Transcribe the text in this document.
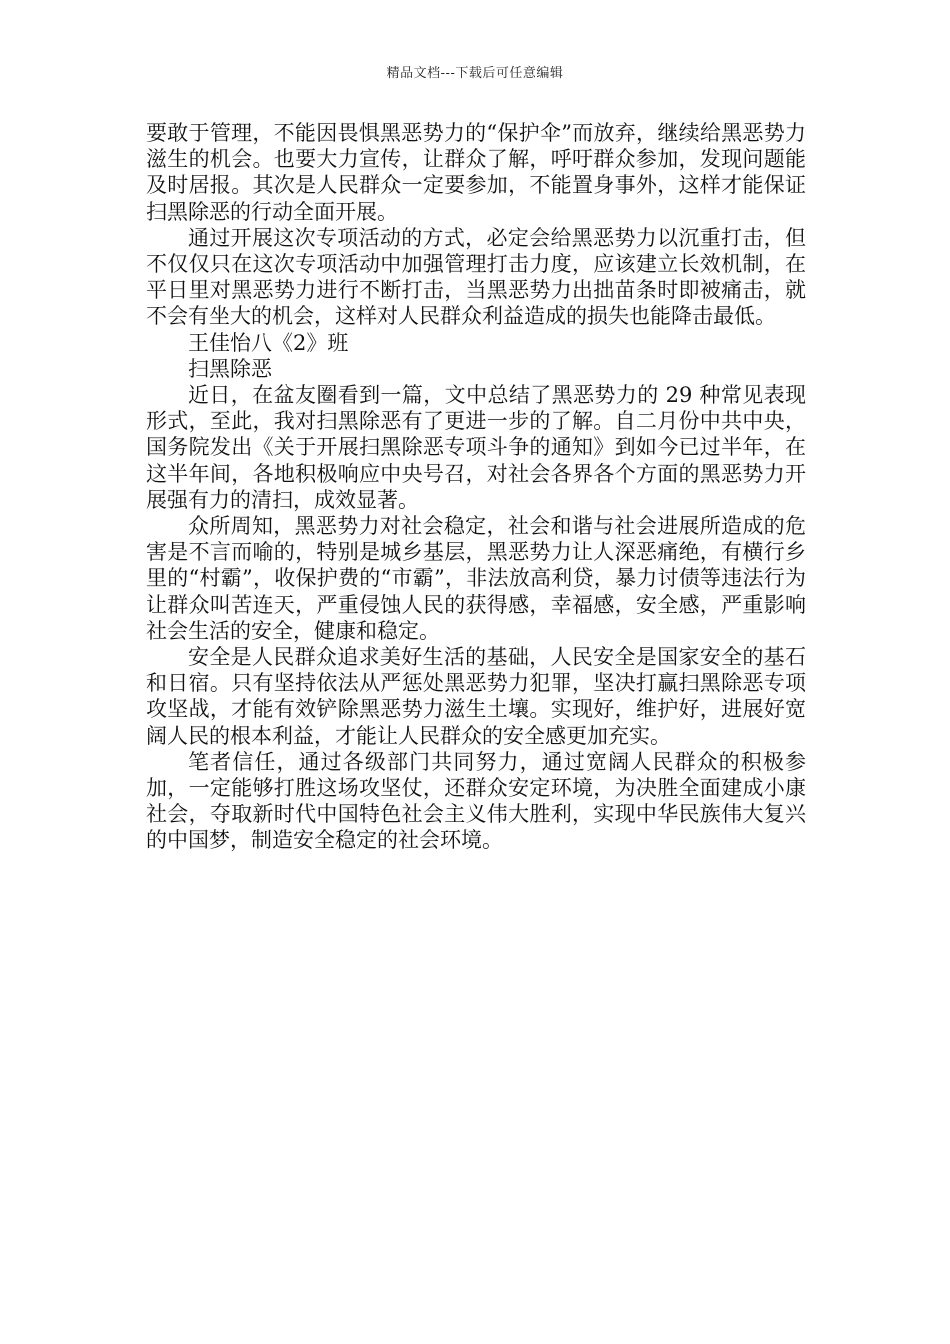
精品文档---下载后可任意编辑

要敢于管理，不能因畏惧黑恶势力的“保护伞”而放弃，继续给黑恶势力滋生的机会。也要大力宣传，让群众了解，呼吁群众参加，发现问题能及时居报。其次是人民群众一定要参加，不能置身事外，这样才能保证扫黑除恶的行动全面开展。

通过开展这次专项活动的方式，必定会给黑恶势力以沉重打击，但不仅仅只在这次专项活动中加强管理打击力度，应该建立长效机制，在平日里对黑恶势力进行不断打击，当黑恶势力出拙苗条时即被痛击，就不会有坐大的机会，这样对人民群众利益造成的损失也能降击最低。

王佳怡八《2》班

扫黑除恶

近日，在盆友圈看到一篇，文中总结了黑恶势力的 29 种常见表现形式，至此，我对扫黑除恶有了更进一步的了解。自二月份中共中央，国务院发出《关于开展扫黑除恶专项斗争的通知》到如今已过半年，在这半年间，各地积极响应中央号召，对社会各界各个方面的黑恶势力开展强有力的清扫，成效显著。

众所周知，黑恶势力对社会稳定，社会和谐与社会进展所造成的危害是不言而喻的，特别是城乡基层，黑恶势力让人深恶痛绝，有横行乡里的“村霸”，收保护费的“市霸”，非法放高利贷，暴力讨债等违法行为让群众叫苦连天，严重侵蚀人民的获得感，幸福感，安全感，严重影响社会生活的安全，健康和稳定。

安全是人民群众追求美好生活的基础，人民安全是国家安全的基石和日宿。只有坚持依法从严惩处黑恶势力犯罪，坚决打赢扫黑除恶专项攻坚战，才能有效铲除黑恶势力滋生土壤。实现好，维护好，进展好宽阔人民的根本利益，才能让人民群众的安全感更加充实。

笔者信任，通过各级部门共同努力，通过宽阔人民群众的积极参加，一定能够打胜这场攻坚仗，还群众安定环境，为决胜全面建成小康社会，夺取新时代中国特色社会主义伟大胜利，实现中华民族伟大复兴的中国梦，制造安全稳定的社会环境。
